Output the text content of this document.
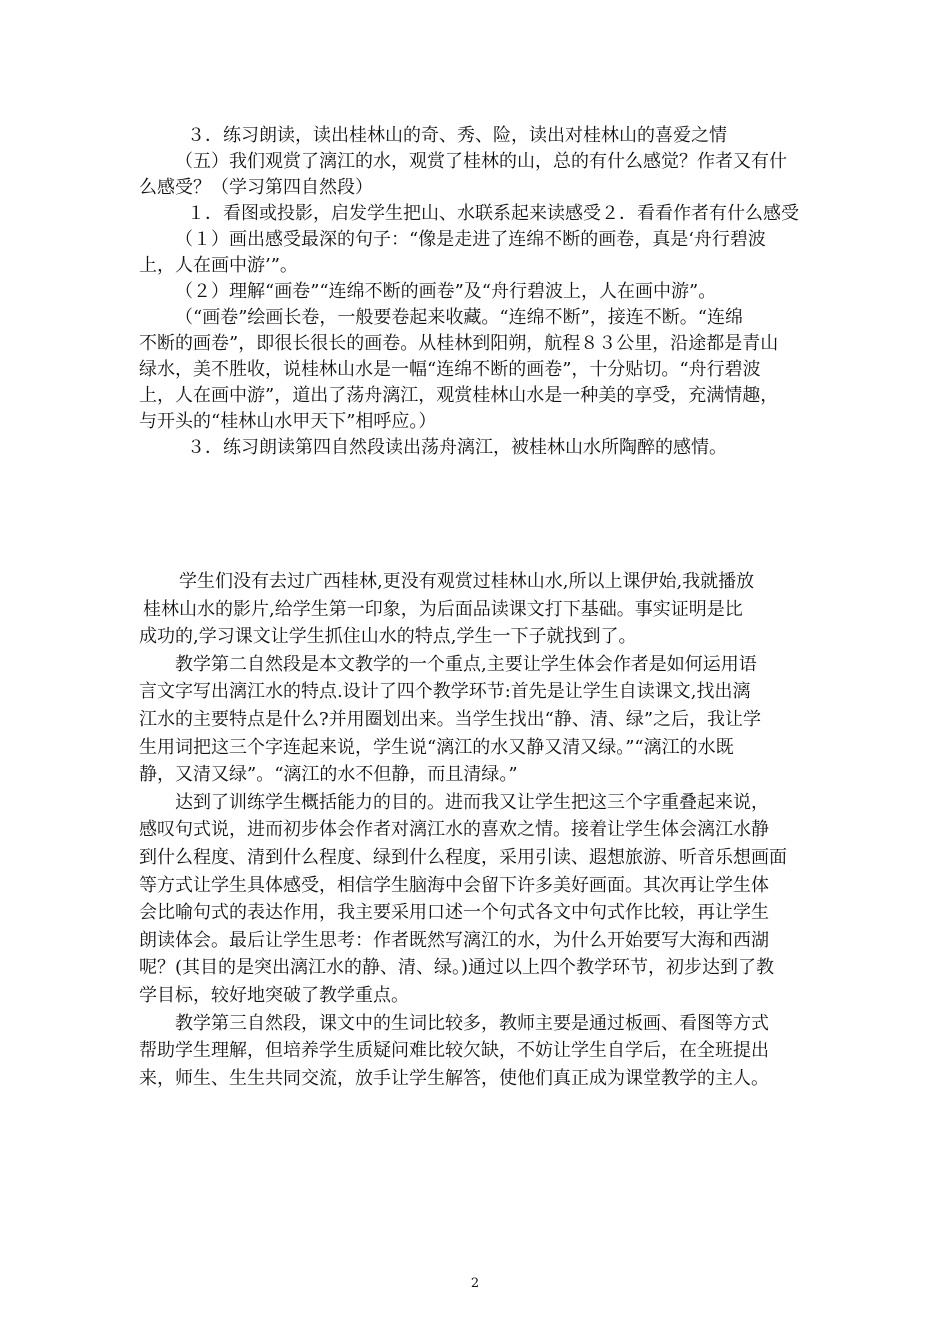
３．练习朗读，读出桂林山的奇、秀、险，读出对桂林山的喜爱之情
（五）我们观赏了漓江的水，观赏了桂林的山，总的有什么感觉？作者又有什
么感受？（学习第四自然段）
１．看图或投影，启发学生把山、水联系起来读感受２．看看作者有什么感受
（１）画出感受最深的句子：“像是走进了连绵不断的画卷，真是‘舟行碧波
上，人在画中游’”。
（２）理解“画卷”“连绵不断的画卷”及“舟行碧波上，人在画中游”。
（“画卷”绘画长卷，一般要卷起来收藏。“连绵不断”，接连不断。“连绵
不断的画卷”，即很长很长的画卷。从桂林到阳朔，航程８３公里，沿途都是青山
绿水，美不胜收，说桂林山水是一幅“连绵不断的画卷”，十分贴切。“舟行碧波
上，人在画中游”，道出了荡舟漓江，观赏桂林山水是一种美的享受，充满情趣，
与开头的“桂林山水甲天下”相呼应。）
３．练习朗读第四自然段读出荡舟漓江，被桂林山水所陶醉的感情。
学生们没有去过广西桂林,更没有观赏过桂林山水,所以上课伊始,我就播放
桂林山水的影片,给学生第一印象，为后面品读课文打下基础。事实证明是比
成功的,学习课文让学生抓住山水的特点,学生一下子就找到了。
教学第二自然段是本文教学的一个重点,主要让学生体会作者是如何运用语
言文字写出漓江水的特点.设计了四个教学环节:首先是让学生自读课文,找出漓
江水的主要特点是什么?并用圈划出来。当学生找出“静、清、绿”之后，我让学
生用词把这三个字连起来说，学生说“漓江的水又静又清又绿。”“漓江的水既
静，又清又绿”。“漓江的水不但静，而且清绿。”
达到了训练学生概括能力的目的。进而我又让学生把这三个字重叠起来说，
感叹句式说，进而初步体会作者对漓江水的喜欢之情。接着让学生体会漓江水静
到什么程度、清到什么程度、绿到什么程度，采用引读、遐想旅游、听音乐想画面
等方式让学生具体感受，相信学生脑海中会留下许多美好画面。其次再让学生体
会比喻句式的表达作用，我主要采用口述一个句式各文中句式作比较，再让学生
朗读体会。最后让学生思考：作者既然写漓江的水，为什么开始要写大海和西湖
呢？(其目的是突出漓江水的静、清、绿。)通过以上四个教学环节，初步达到了教
学目标，较好地突破了教学重点。
教学第三自然段，课文中的生词比较多，教师主要是通过板画、看图等方式
帮助学生理解，但培养学生质疑问难比较欠缺，不妨让学生自学后，在全班提出
来，师生、生生共同交流，放手让学生解答，使他们真正成为课堂教学的主人。
2
